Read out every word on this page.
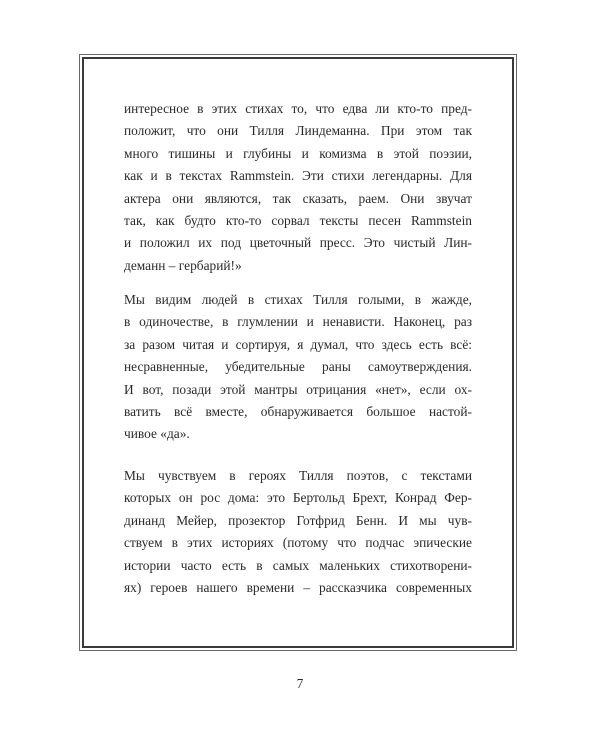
интересное в этих стихах то, что едва ли кто-то пред-
положит, что они Тилля Линдеманна. При этом так
много тишины и глубины и комизма в этой поэзии,
как и в текстах Rammstein. Эти стихи легендарны. Для
актера они являются, так сказать, раем. Они звучат
так, как будто кто-то сорвал тексты песен Rammstein
и положил их под цветочный пресс. Это чистый Лин-
деманн – гербарий!»
Мы видим людей в стихах Тилля голыми, в жажде,
в одиночестве, в глумлении и ненависти. Наконец, раз
за разом читая и сортируя, я думал, что здесь есть всё:
несравненные, убедительные раны самоутверждения.
И вот, позади этой мантры отрицания «нет», если ох-
ватить всё вместе, обнаруживается большое настой-
чивое «да».
Мы чувствуем в героях Тилля поэтов, с текстами
которых он рос дома: это Бертольд Брехт, Конрад Фер-
динанд Мейер, прозектор Готфрид Бенн. И мы чув-
ствуем в этих историях (потому что подчас эпические
истории часто есть в самых маленьких стихотворени-
ях) героев нашего времени – рассказчика современных
7
